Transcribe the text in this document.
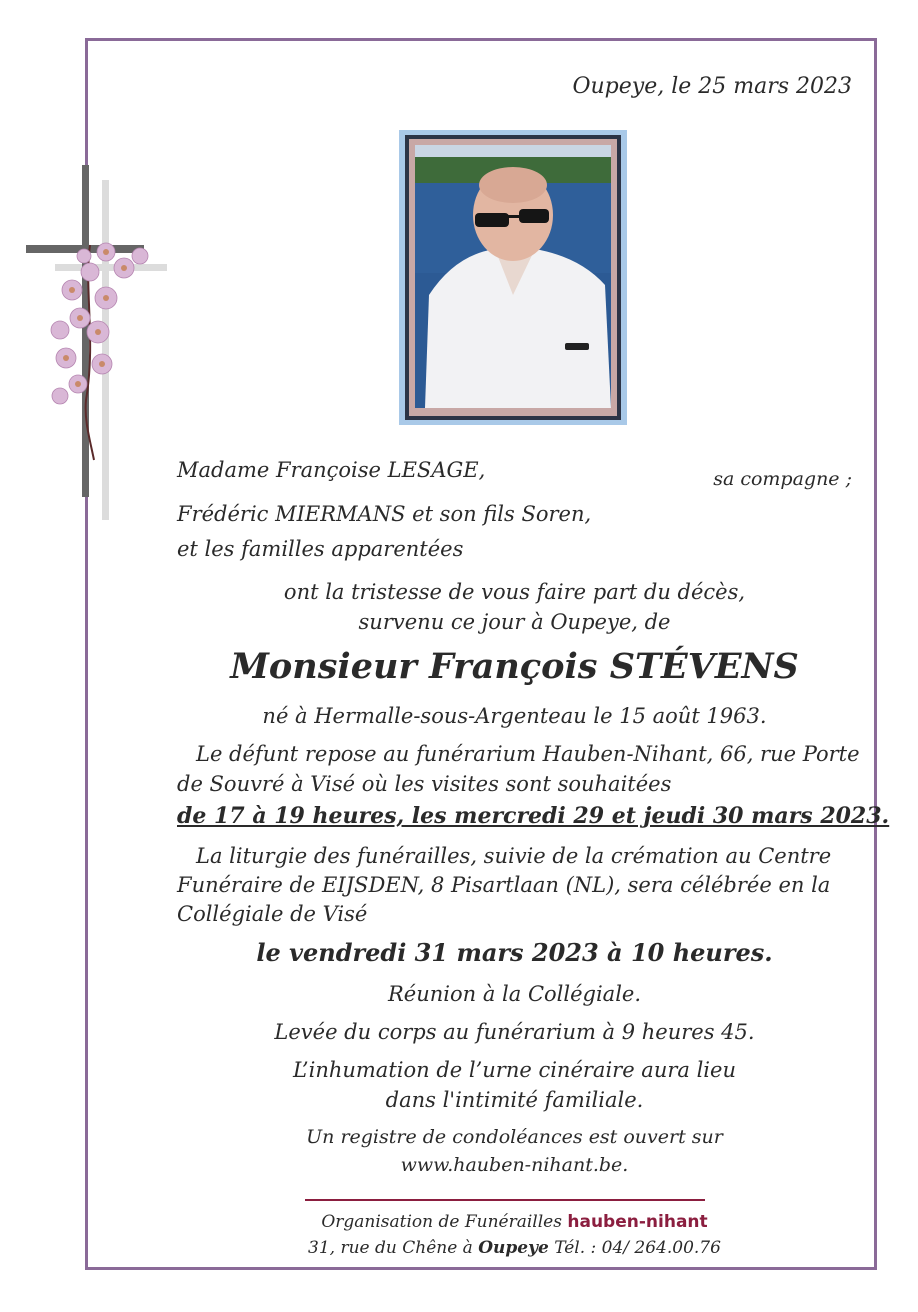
Oupeye, le 25 mars 2023
Madame Françoise LESAGE,	sa compagne ;
Frédéric MIERMANS et son fils Soren,
et les familles apparentées
ont la tristesse de vous faire part du décès,
survenu ce jour à Oupeye, de
Monsieur François STÉVENS
né à Hermalle-sous-Argenteau le 15 août 1963.
Le défunt repose au funérarium Hauben-Nihant, 66, rue Porte
de Souvré à Visé où les visites sont souhaitées
de 17 à 19 heures, les mercredi 29 et jeudi 30 mars 2023.
La liturgie des funérailles, suivie de la crémation au Centre
Funéraire de EIJSDEN, 8 Pisartlaan (NL), sera célébrée en la
Collégiale de Visé
le vendredi 31 mars 2023 à 10 heures.
Réunion à la Collégiale.
Levée du corps au funérarium à 9 heures 45.
L’inhumation de l’urne cinéraire aura lieu
dans l'intimité familiale.
Un registre de condoléances est ouvert sur
www.hauben-nihant.be.
Organisation de Funérailles hauben-nihant
31, rue du Chêne à Oupeye Tél. : 04/ 264.00.76
